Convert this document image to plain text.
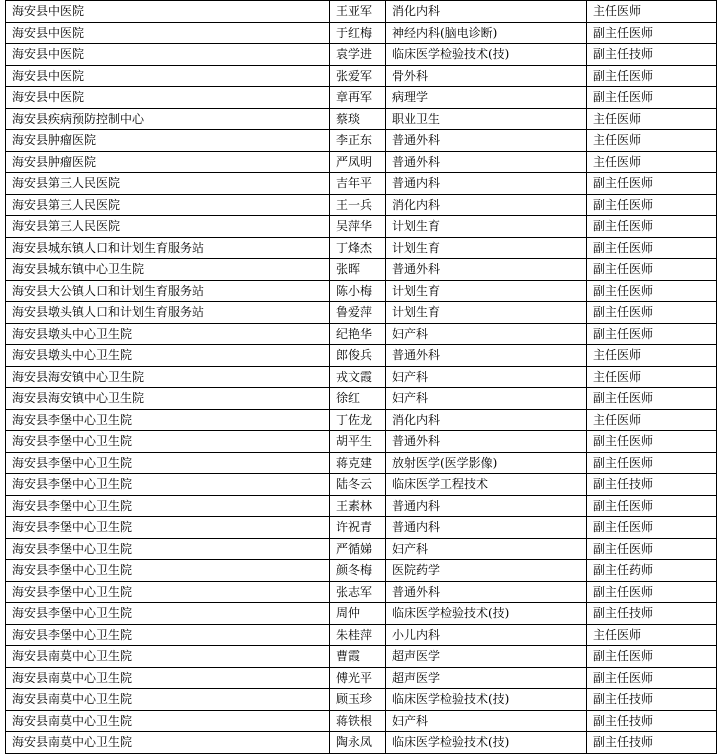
海安县中医院	王亚军	消化内科	主任医师
海安县中医院	于红梅	神经内科(脑电诊断)	副主任医师
海安县中医院	袁学进	临床医学检验技术(技)	副主任技师
海安县中医院	张爱军	骨外科	副主任医师
海安县中医院	章再军	病理学	副主任医师
海安县疾病预防控制中心	蔡琰	职业卫生	主任医师
海安县肿瘤医院	李正东	普通外科	主任医师
海安县肿瘤医院	严凤明	普通外科	主任医师
海安县第三人民医院	吉年平	普通内科	副主任医师
海安县第三人民医院	王一兵	消化内科	副主任医师
海安县第三人民医院	吴萍华	计划生育	副主任医师
海安县城东镇人口和计划生育服务站	丁烽杰	计划生育	副主任医师
海安县城东镇中心卫生院	张晖	普通外科	副主任医师
海安县大公镇人口和计划生育服务站	陈小梅	计划生育	副主任医师
海安县墩头镇人口和计划生育服务站	鲁爱萍	计划生育	副主任医师
海安县墩头中心卫生院	纪艳华	妇产科	副主任医师
海安县墩头中心卫生院	郎俊兵	普通外科	主任医师
海安县海安镇中心卫生院	戎文霞	妇产科	主任医师
海安县海安镇中心卫生院	徐红	妇产科	副主任医师
海安县李堡中心卫生院	丁佐龙	消化内科	主任医师
海安县李堡中心卫生院	胡平生	普通外科	副主任医师
海安县李堡中心卫生院	蒋克建	放射医学(医学影像)	副主任医师
海安县李堡中心卫生院	陆冬云	临床医学工程技术	副主任技师
海安县李堡中心卫生院	王素林	普通内科	副主任医师
海安县李堡中心卫生院	许祝青	普通内科	副主任医师
海安县李堡中心卫生院	严循娣	妇产科	副主任医师
海安县李堡中心卫生院	颜冬梅	医院药学	副主任药师
海安县李堡中心卫生院	张志军	普通外科	副主任医师
海安县李堡中心卫生院	周仲	临床医学检验技术(技)	副主任技师
海安县李堡中心卫生院	朱桂萍	小儿内科	主任医师
海安县南莫中心卫生院	曹霞	超声医学	副主任医师
海安县南莫中心卫生院	傅光平	超声医学	副主任医师
海安县南莫中心卫生院	顾玉珍	临床医学检验技术(技)	副主任技师
海安县南莫中心卫生院	蒋铁根	妇产科	副主任技师
海安县南莫中心卫生院	陶永凤	临床医学检验技术(技)	副主任技师
